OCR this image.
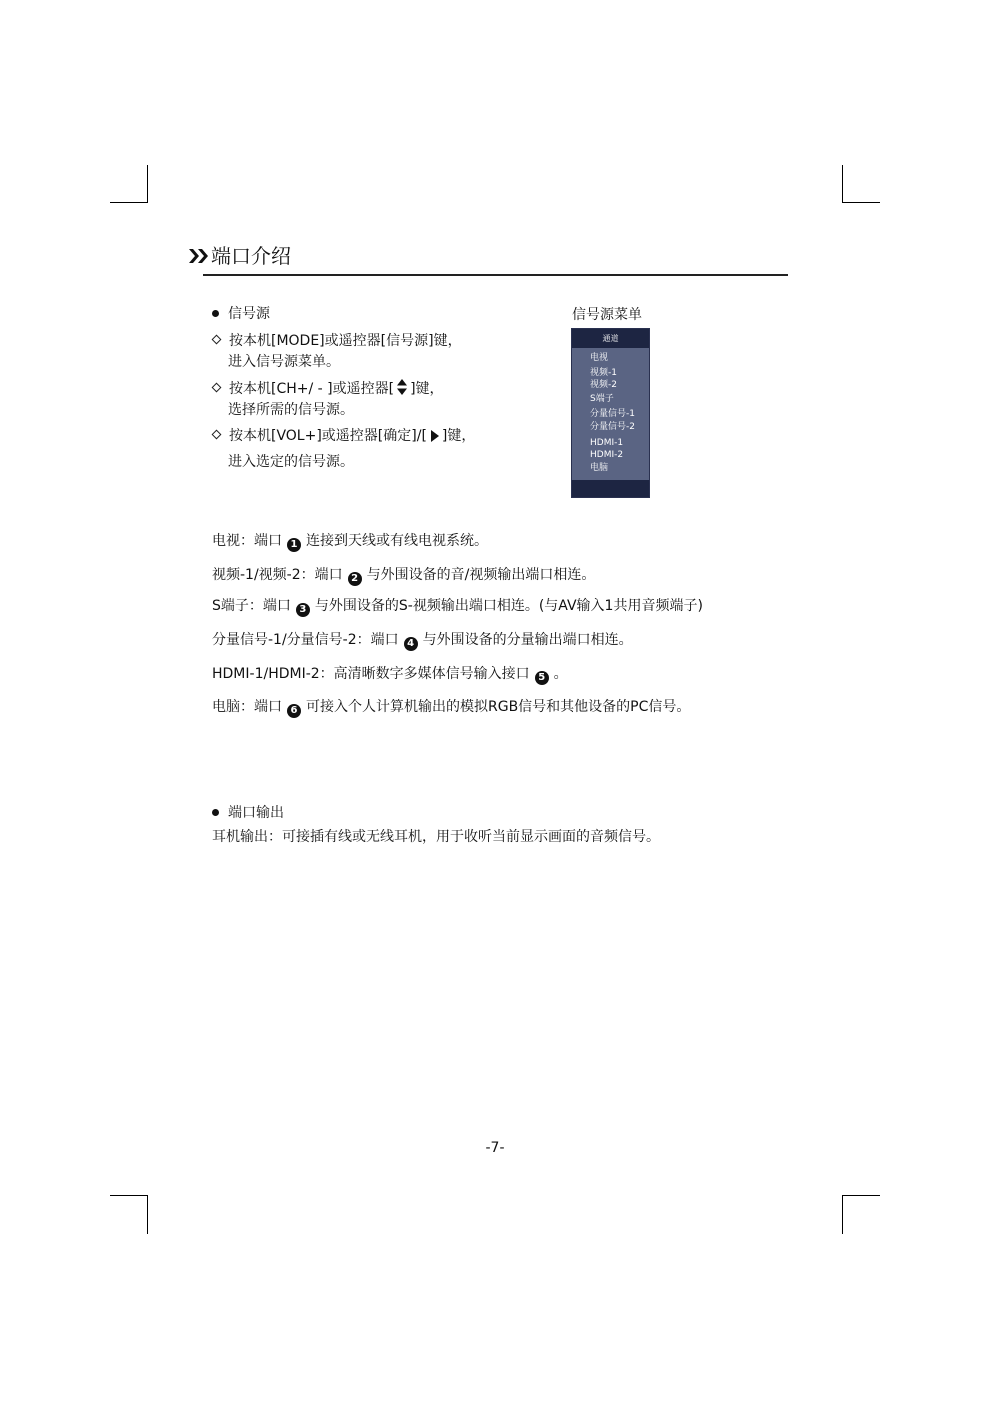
端口介绍
信号源
按本机[MODE]或遥控器[信号源]键，
进入信号源菜单。
按本机[CH+/ - ]或遥控器[ ]键，
选择所需的信号源。
按本机[VOL+]或遥控器[确定]/[ ]键，
进入选定的信号源。
信号源菜单
通道
电视
视频-1
视频-2
S端子
分量信号-1
分量信号-2
HDMI-1
HDMI-2
电脑
电视：端口 1 连接到天线或有线电视系统。
视频-1/视频-2：端口 2 与外围设备的音/视频输出端口相连。
S端子：端口 3 与外围设备的S-视频输出端口相连。(与AV输入1共用音频端子)
分量信号-1/分量信号-2：端口 4 与外围设备的分量输出端口相连。
HDMI-1/HDMI-2：高清晰数字多媒体信号输入接口 5 。
电脑：端口 6 可接入个人计算机输出的模拟RGB信号和其他设备的PC信号。
端口输出
耳机输出：可接插有线或无线耳机，用于收听当前显示画面的音频信号。
-7-
